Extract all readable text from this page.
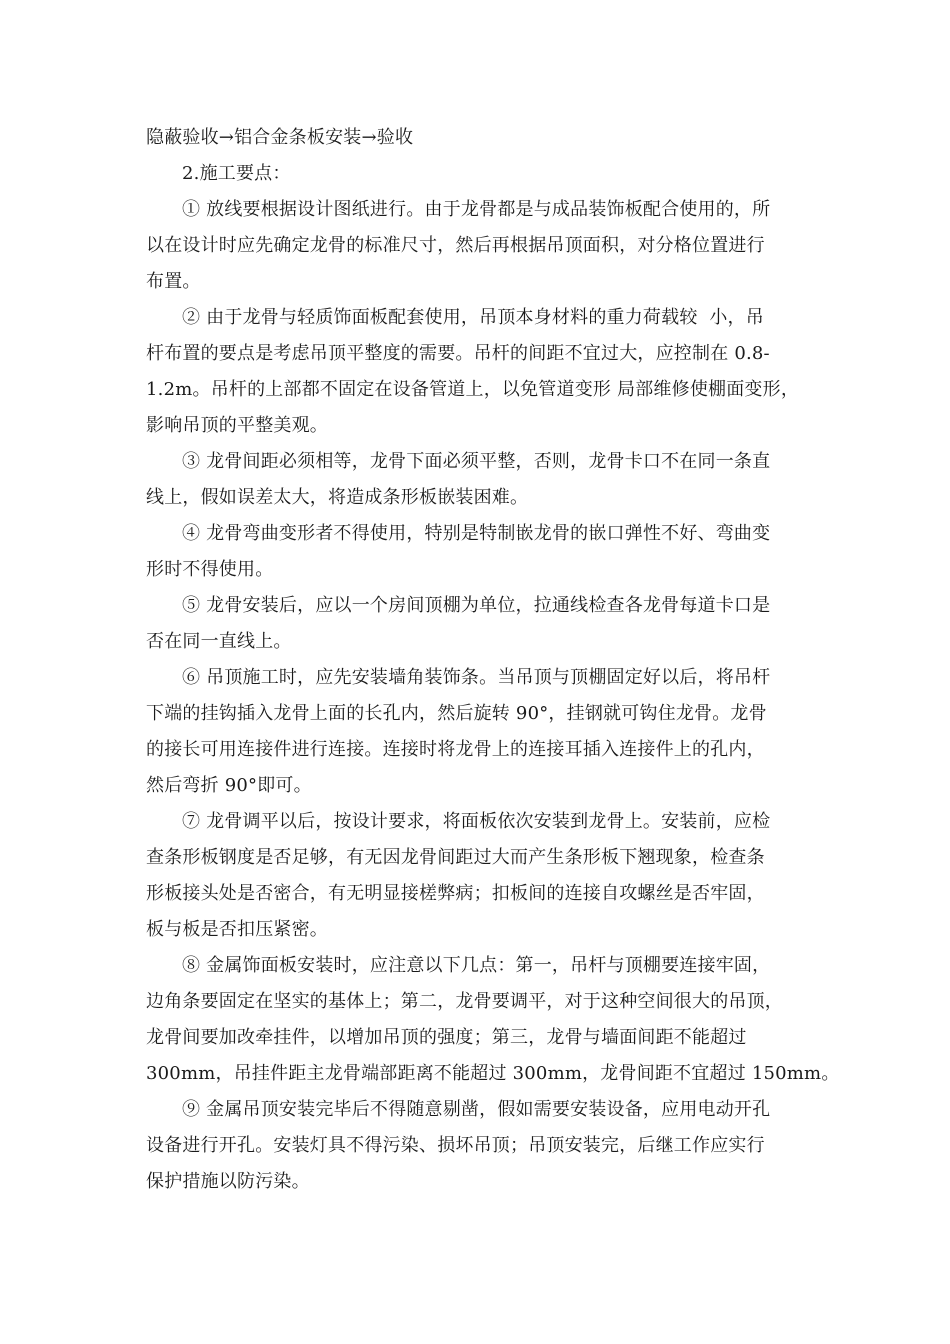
隐蔽验收→铝合金条板安装→验收
2.施工要点：
① 放线要根据设计图纸进行。由于龙骨都是与成品装饰板配合使用的，所
以在设计时应先确定龙骨的标准尺寸，然后再根据吊顶面积，对分格位置进行
布置。
② 由于龙骨与轻质饰面板配套使用，吊顶本身材料的重力荷载较  小，吊
杆布置的要点是考虑吊顶平整度的需要。吊杆的间距不宜过大，应控制在 0.8-
1.2m。吊杆的上部都不固定在设备管道上，以免管道变形 局部维修使棚面变形，
影响吊顶的平整美观。
③ 龙骨间距必须相等，龙骨下面必须平整，否则，龙骨卡口不在同一条直
线上，假如误差太大，将造成条形板嵌装困难。
④ 龙骨弯曲变形者不得使用，特别是特制嵌龙骨的嵌口弹性不好、弯曲变
形时不得使用。
⑤ 龙骨安装后，应以一个房间顶棚为单位，拉通线检查各龙骨每道卡口是
否在同一直线上。
⑥ 吊顶施工时，应先安装墙角装饰条。当吊顶与顶棚固定好以后，将吊杆
下端的挂钩插入龙骨上面的长孔内，然后旋转 90°，挂钢就可钩住龙骨。龙骨
的接长可用连接件进行连接。连接时将龙骨上的连接耳插入连接件上的孔内，
然后弯折 90°即可。
⑦ 龙骨调平以后，按设计要求，将面板依次安装到龙骨上。安装前，应检
查条形板钢度是否足够，有无因龙骨间距过大而产生条形板下翘现象，检查条
形板接头处是否密合，有无明显接槎弊病；扣板间的连接自攻螺丝是否牢固，
板与板是否扣压紧密。
⑧ 金属饰面板安装时，应注意以下几点：第一，吊杆与顶棚要连接牢固，
边角条要固定在坚实的基体上；第二，龙骨要调平，对于这种空间很大的吊顶，
龙骨间要加改牵挂件，以增加吊顶的强度；第三，龙骨与墙面间距不能超过
300mm，吊挂件距主龙骨端部距离不能超过 300mm，龙骨间距不宜超过 150mm。
⑨ 金属吊顶安装完毕后不得随意剔凿，假如需要安装设备，应用电动开孔
设备进行开孔。安装灯具不得污染、损坏吊顶；吊顶安装完，后继工作应实行
保护措施以防污染。
